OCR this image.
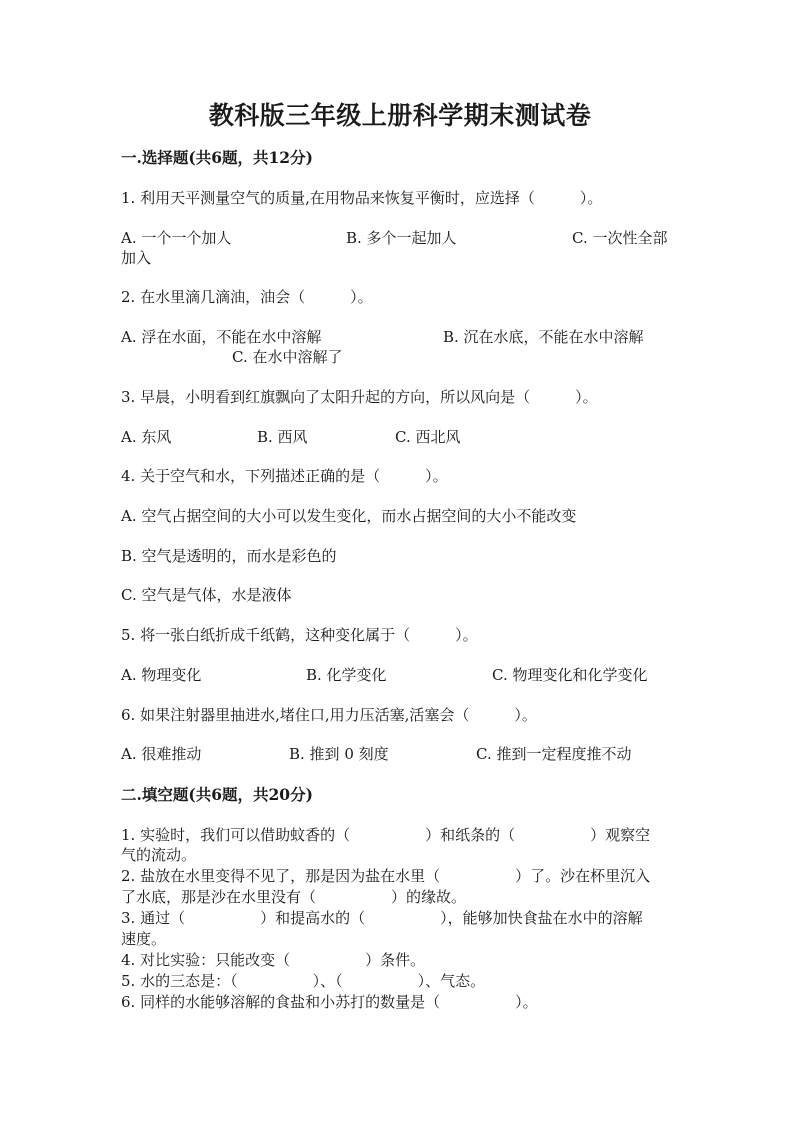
教科版三年级上册科学期末测试卷
一.选择题(共6题，共12分)
1. 利用天平测量空气的质量,在用物品来恢复平衡时，应选择（　　　）。
A. 一个一个加人	B. 多个一起加人	C. 一次性全部
加入
2. 在水里滴几滴油，油会（　　　）。
A. 浮在水面，不能在水中溶解	B. 沉在水底，不能在水中溶解
C. 在水中溶解了
3. 早晨，小明看到红旗飘向了太阳升起的方向，所以风向是（　　　）。
A. 东风	B. 西风	C. 西北风
4. 关于空气和水，下列描述正确的是（　　　）。
A. 空气占据空间的大小可以发生变化，而水占据空间的大小不能改变
B. 空气是透明的，而水是彩色的
C. 空气是气体，水是液体
5. 将一张白纸折成千纸鹤，这种变化属于（　　　）。
A. 物理变化	B. 化学变化	C. 物理变化和化学变化
6. 如果注射器里抽进水,堵住口,用力压活塞,活塞会（　　　）。
A. 很难推动	B. 推到 0 刻度	C. 推到一定程度推不动
二.填空题(共6题，共20分)
1. 实验时，我们可以借助蚊香的（　　　　　）和纸条的（　　　　　）观察空
气的流动。
2. 盐放在水里变得不见了，那是因为盐在水里（　　　　　）了。沙在杯里沉入
了水底，那是沙在水里没有（　　　　　）的缘故。
3. 通过（　　　　　）和提高水的（　　　　　），能够加快食盐在水中的溶解
速度。
4. 对比实验：只能改变（　　　　　）条件。
5. 水的三态是：（　　　　　）、（　　　　　）、气态。
6. 同样的水能够溶解的食盐和小苏打的数量是（　　　　　）。
